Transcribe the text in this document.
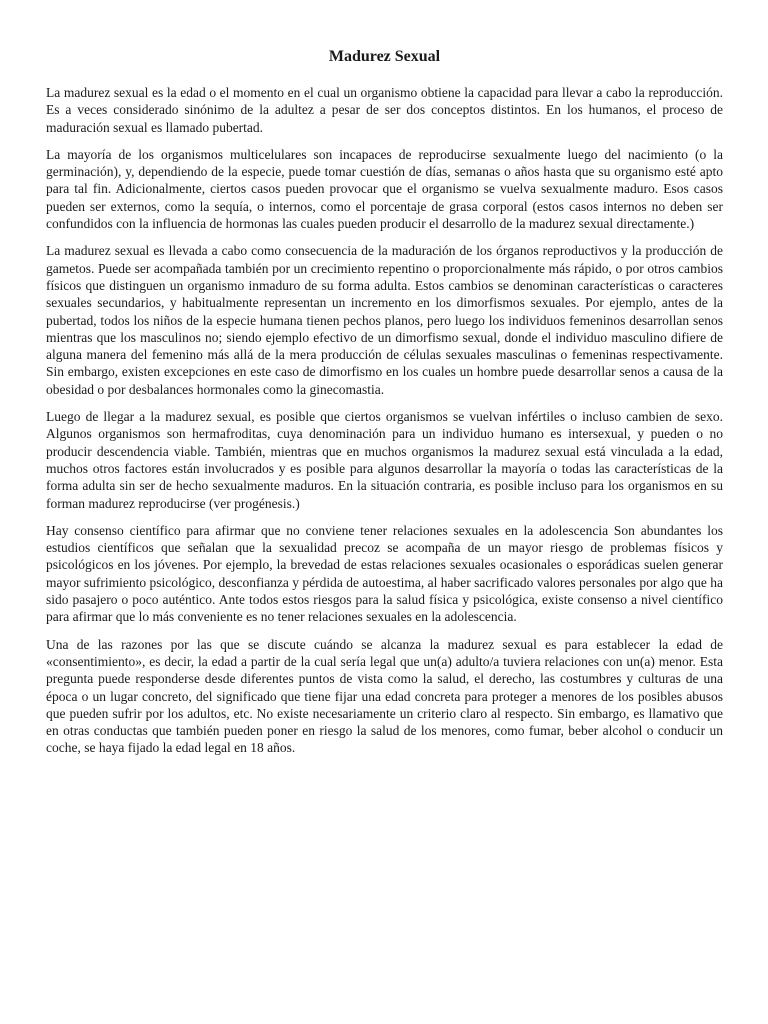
Madurez Sexual

La madurez sexual es la edad o el momento en el cual un organismo obtiene la capacidad para llevar a cabo la reproducción. Es a veces considerado sinónimo de la adultez a pesar de ser dos conceptos distintos. En los humanos, el proceso de maduración sexual es llamado pubertad.

La mayoría de los organismos multicelulares son incapaces de reproducirse sexualmente luego del nacimiento (o la germinación), y, dependiendo de la especie, puede tomar cuestión de días, semanas o años hasta que su organismo esté apto para tal fin. Adicionalmente, ciertos casos pueden provocar que el organismo se vuelva sexualmente maduro. Esos casos pueden ser externos, como la sequía, o internos, como el porcentaje de grasa corporal (estos casos internos no deben ser confundidos con la influencia de hormonas las cuales pueden producir el desarrollo de la madurez sexual directamente.)

La madurez sexual es llevada a cabo como consecuencia de la maduración de los órganos reproductivos y la producción de gametos. Puede ser acompañada también por un crecimiento repentino o proporcionalmente más rápido, o por otros cambios físicos que distinguen un organismo inmaduro de su forma adulta. Estos cambios se denominan características o caracteres sexuales secundarios, y habitualmente representan un incremento en los dimorfismos sexuales. Por ejemplo, antes de la pubertad, todos los niños de la especie humana tienen pechos planos, pero luego los individuos femeninos desarrollan senos mientras que los masculinos no; siendo ejemplo efectivo de un dimorfismo sexual, donde el individuo masculino difiere de alguna manera del femenino más allá de la mera producción de células sexuales masculinas o femeninas respectivamente. Sin embargo, existen excepciones en este caso de dimorfismo en los cuales un hombre puede desarrollar senos a causa de la obesidad o por desbalances hormonales como la ginecomastia.

Luego de llegar a la madurez sexual, es posible que ciertos organismos se vuelvan infértiles o incluso cambien de sexo. Algunos organismos son hermafroditas, cuya denominación para un individuo humano es intersexual, y pueden o no producir descendencia viable. También, mientras que en muchos organismos la madurez sexual está vinculada a la edad, muchos otros factores están involucrados y es posible para algunos desarrollar la mayoría o todas las características de la forma adulta sin ser de hecho sexualmente maduros. En la situación contraria, es posible incluso para los organismos en su forman madurez reproducirse (ver progénesis.)

Hay consenso científico para afirmar que no conviene tener relaciones sexuales en la adolescencia Son abundantes los estudios científicos que señalan que la sexualidad precoz se acompaña de un mayor riesgo de problemas físicos y psicológicos en los jóvenes. Por ejemplo, la brevedad de estas relaciones sexuales ocasionales o esporádicas suelen generar mayor sufrimiento psicológico, desconfianza y pérdida de autoestima, al haber sacrificado valores personales por algo que ha sido pasajero o poco auténtico. Ante todos estos riesgos para la salud física y psicológica, existe consenso a nivel científico para afirmar que lo más conveniente es no tener relaciones sexuales en la adolescencia.

Una de las razones por las que se discute cuándo se alcanza la madurez sexual es para establecer la edad de «consentimiento», es decir, la edad a partir de la cual sería legal que un(a) adulto/a tuviera relaciones con un(a) menor. Esta pregunta puede responderse desde diferentes puntos de vista como la salud, el derecho, las costumbres y culturas de una época o un lugar concreto, del significado que tiene fijar una edad concreta para proteger a menores de los posibles abusos que pueden sufrir por los adultos, etc. No existe necesariamente un criterio claro al respecto. Sin embargo, es llamativo que en otras conductas que también pueden poner en riesgo la salud de los menores, como fumar, beber alcohol o conducir un coche, se haya fijado la edad legal en 18 años.
